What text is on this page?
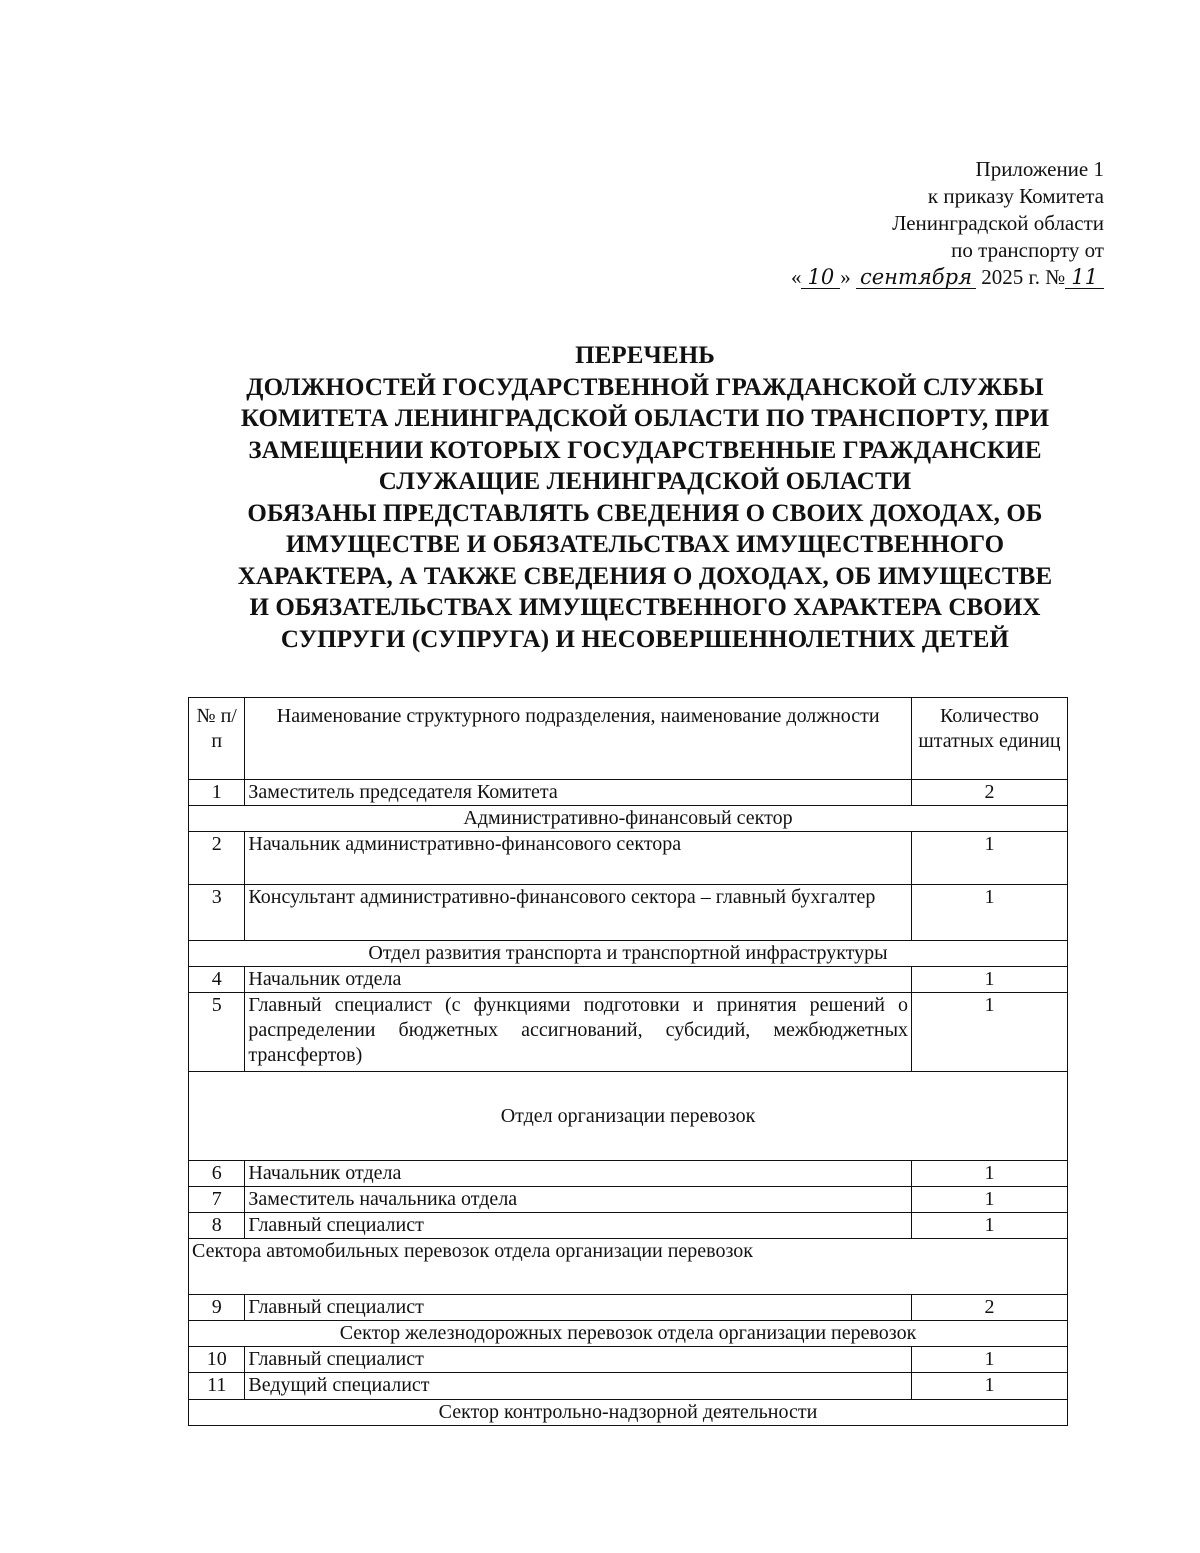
Приложение 1
к приказу Комитета
Ленинградской области
по транспорту от
« 10 » сентября 2025 г. № 11
ПЕРЕЧЕНЬ
ДОЛЖНОСТЕЙ ГОСУДАРСТВЕННОЙ ГРАЖДАНСКОЙ СЛУЖБЫ
КОМИТЕТА ЛЕНИНГРАДСКОЙ ОБЛАСТИ ПО ТРАНСПОРТУ, ПРИ
ЗАМЕЩЕНИИ КОТОРЫХ ГОСУДАРСТВЕННЫЕ ГРАЖДАНСКИЕ
СЛУЖАЩИЕ ЛЕНИНГРАДСКОЙ ОБЛАСТИ
ОБЯЗАНЫ ПРЕДСТАВЛЯТЬ СВЕДЕНИЯ О СВОИХ ДОХОДАХ, ОБ
ИМУЩЕСТВЕ И ОБЯЗАТЕЛЬСТВАХ ИМУЩЕСТВЕННОГО
ХАРАКТЕРА, А ТАКЖЕ СВЕДЕНИЯ О ДОХОДАХ, ОБ ИМУЩЕСТВЕ
И ОБЯЗАТЕЛЬСТВАХ ИМУЩЕСТВЕННОГО ХАРАКТЕРА СВОИХ
СУПРУГИ (СУПРУГА) И НЕСОВЕРШЕННОЛЕТНИХ ДЕТЕЙ
№ п/п	Наименование структурного подразделения, наименование должности	Количество штатных единиц
1	Заместитель председателя Комитета	2
Административно-финансовый сектор		
2	Начальник административно-финансового сектора	1
3	Консультант административно-финансового сектора – главный бухгалтер	1
Отдел развития транспорта и транспортной инфраструктуры		
4	Начальник отдела	1
5	Главный специалист (с функциями подготовки и принятия решений о распределении бюджетных ассигнований, субсидий, межбюджетных трансфертов)	1
Отдел организации перевозок		
6	Начальник отдела	1
7	Заместитель начальника отдела	1
8	Главный специалист	1
Сектора автомобильных перевозок отдела организации перевозок		
9	Главный специалист	2
Сектор железнодорожных перевозок отдела организации перевозок		
10	Главный специалист	1
11	Ведущий специалист	1
Сектор контрольно-надзорной деятельности		
